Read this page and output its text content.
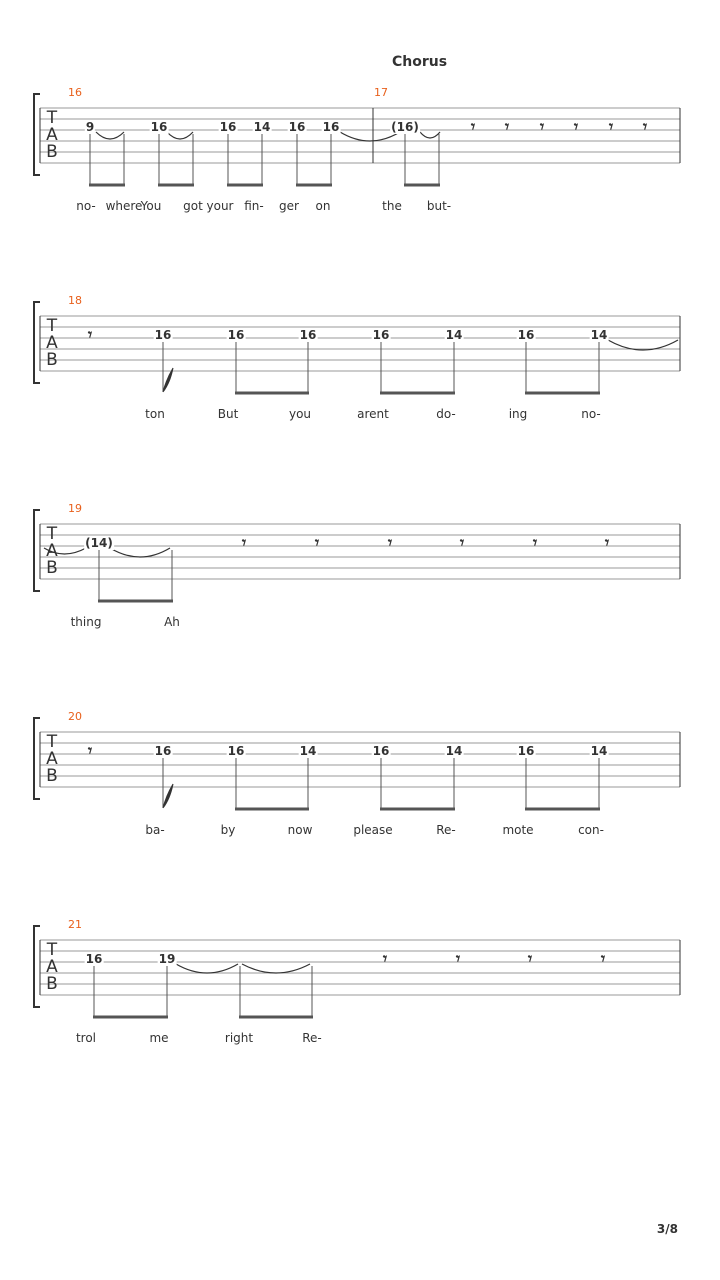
Chorus
T
A
B
16	17
9	16	16 14 16 16	(16)	𝄾 𝄾 𝄾 𝄾 𝄾 𝄾
no- where
You got your fin- ger on	the but-
T
A
B
18
𝄾	16	16	16	16	14	16	14
ton	But	you	arent	do-	ing	no-
T
A
B
19
(14)	𝄾	𝄾	𝄾	𝄾	𝄾	𝄾
thing	Ah
T
A
B
20
𝄾	16	16	14	16	14	16	14
ba-	by	now	please	Re-	mote	con-
T
A
B
21
16	19	𝄾	𝄾	𝄾	𝄾
trol	me	right	Re-
3/8
